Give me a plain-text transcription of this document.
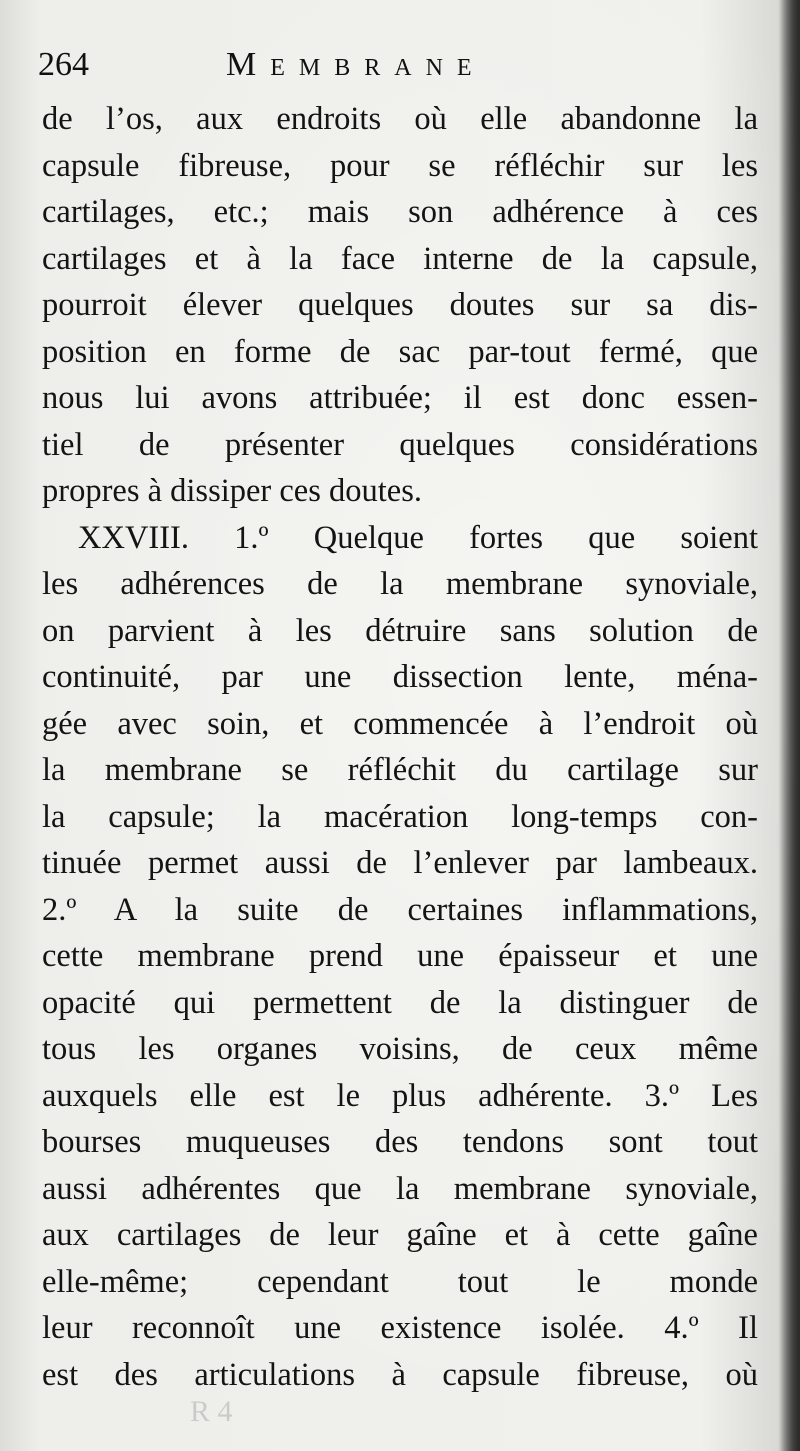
264	Membrane
de l’os, aux endroits où elle abandonne la
capsule fibreuse, pour se réfléchir sur les
cartilages, etc.; mais son adhérence à ces
cartilages et à la face interne de la capsule,
pourroit élever quelques doutes sur sa dis-
position en forme de sac par-tout fermé, que
nous lui avons attribuée; il est donc essen-
tiel de présenter quelques considérations
propres à dissiper ces doutes.
XXVIII. 1.º Quelque fortes que soient
les adhérences de la membrane synoviale,
on parvient à les détruire sans solution de
continuité, par une dissection lente, ména-
gée avec soin, et commencée à l’endroit où
la membrane se réfléchit du cartilage sur
la capsule; la macération long-temps con-
tinuée permet aussi de l’enlever par lambeaux.
2.º A la suite de certaines inflammations,
cette membrane prend une épaisseur et une
opacité qui permettent de la distinguer de
tous les organes voisins, de ceux même
auxquels elle est le plus adhérente. 3.º Les
bourses muqueuses des tendons sont tout
aussi adhérentes que la membrane synoviale,
aux cartilages de leur gaîne et à cette gaîne
elle-même; cependant tout le monde
leur reconnoît une existence isolée. 4.º Il
est des articulations à capsule fibreuse, où
R 4
